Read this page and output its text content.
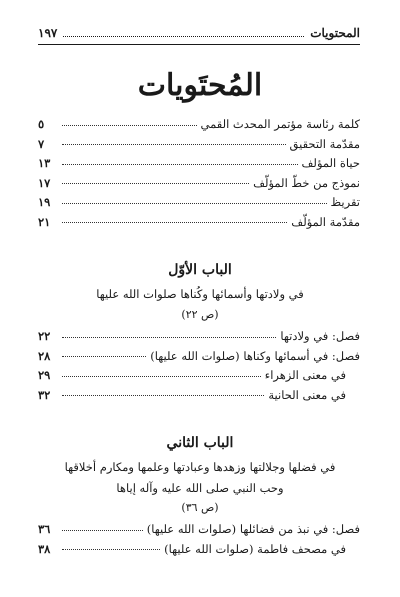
المحتويات
١٩٧
المُحتَويات
كلمة رئاسة مؤتمر المحدث القمي
٥
مقدّمة التحقيق
٧
حياة المؤلف
١٣
نموذج من خطّ المؤلّف
١٧
تقريظ
١٩
مقدّمة المؤلّف
٢١
الباب الأوّل
في ولادتها وأسمائها وكُناها صلوات الله عليها
(ص ٢٢)
فصل: في ولادتها
٢٢
فصل: في أسمائها وكناها (صلوات الله عليها)
٢٨
في معنى الزهراء
٢٩
في معنى الحانية
٣٢
الباب الثاني
في فضلها وجلالتها وزهدها وعبادتها وعلمها ومكارم أخلاقها
وحب النبي صلى الله عليه وآله إياها
(ص ٣٦)
فصل: في نبذ من فضائلها (صلوات الله عليها)
٣٦
في مصحف فاطمة (صلوات الله عليها)
٣٨
